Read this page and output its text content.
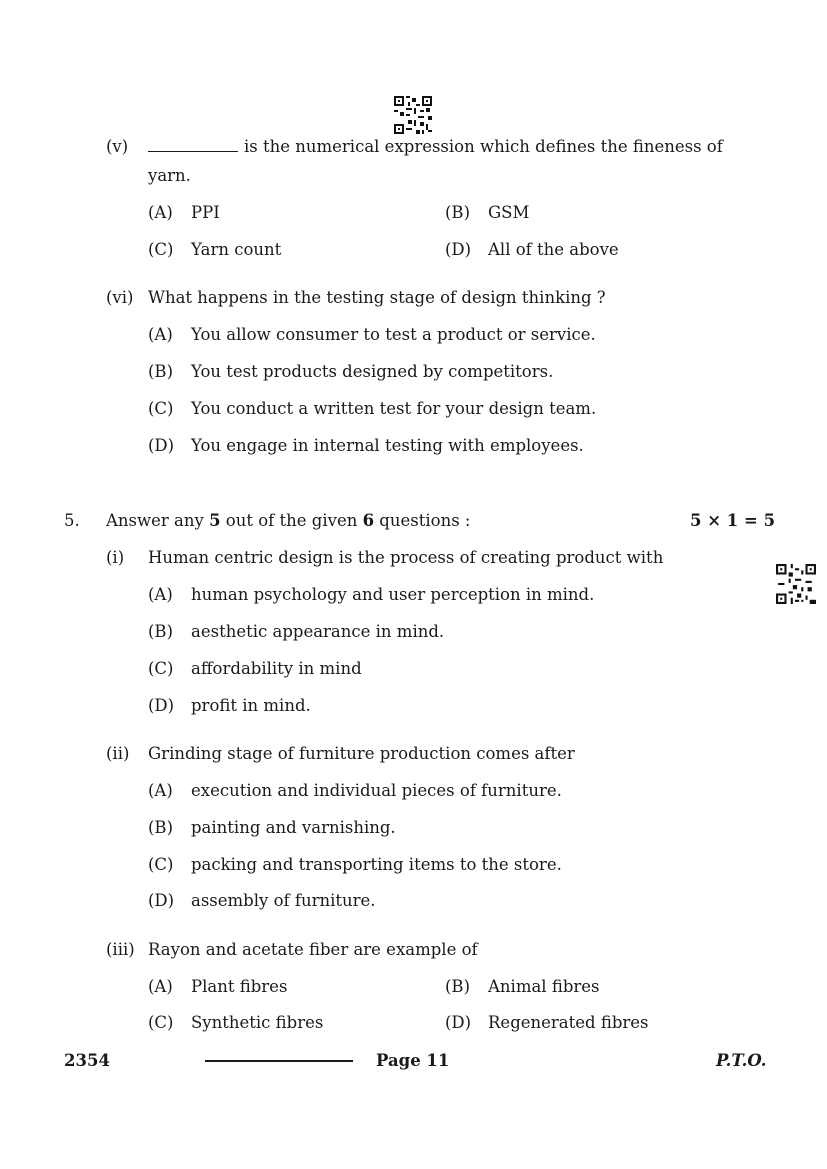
(v)	is the numerical expression which defines the fineness of
yarn.
(A) PPI	(B) GSM
(C) Yarn count	(D) All of the above
(vi) What happens in the testing stage of design thinking ?
(A) You allow consumer to test a product or service.
(B) You test products designed by competitors.
(C) You conduct a written test for your design team.
(D) You engage in internal testing with employees.
5. Answer any 5 out of the given 6 questions :	5 × 1 = 5
(i) Human centric design is the process of creating product with
(A) human psychology and user perception in mind.
(B) aesthetic appearance in mind.
(C) affordability in mind
(D) profit in mind.
(ii) Grinding stage of furniture production comes after
(A) execution and individual pieces of furniture.
(B) painting and varnishing.
(C) packing and transporting items to the store.
(D) assembly of furniture.
(iii) Rayon and acetate fiber are example of
(A) Plant fibres	(B) Animal fibres
(C) Synthetic fibres	(D) Regenerated fibres
2354	Page 11	P.T.O.
